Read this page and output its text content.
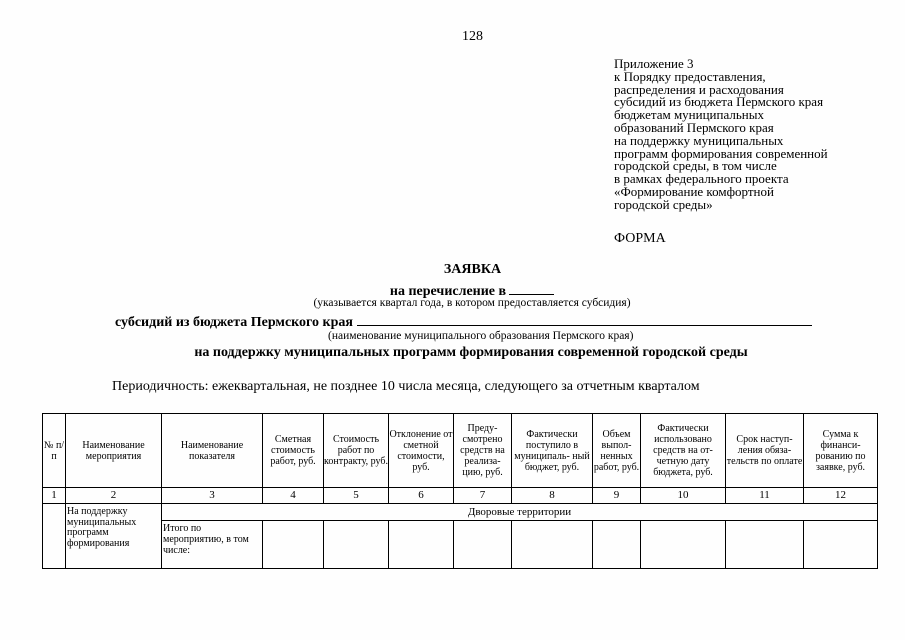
128
Приложение 3
к Порядку предоставления,
распределения и расходования
субсидий из бюджета Пермского края
бюджетам муниципальных
образований Пермского края
на поддержку муниципальных
программ формирования современной
городской среды, в том числе
в рамках федерального проекта
«Формирование комфортной
городской среды»
ФОРМА
ЗАЯВКА
на перечисление в
(указывается квартал года, в котором предоставляется субсидия)
субсидий из бюджета Пермского края
(наименование муниципального образования Пермского края)
на поддержку муниципальных программ формирования современной городской среды
Периодичность: ежеквартальная, не позднее 10 числа месяца, следующего за отчетным кварталом
№ п/п	Наименование мероприятия	Наименование показателя	Сметная стоимость работ, руб.	Стоимость работ по контракту, руб.	Отклонение от сметной стоимости, руб.	Преду- смотрено средств на реализа- цию, руб.	Фактически поступило в муниципаль- ный бюджет, руб.	Объем выпол- ненных работ, руб.	Фактически использовано средств на от- четную дату бюджета, руб.	Срок наступ- ления обяза- тельств по оплате	Сумма к финанси- рованию по заявке, руб.
1	2	3	4	5	6	7	8	9	10	11	12
	На поддержку муниципальных программ формирования	Дворовые территории									
		Итого по мероприятию, в том числе:									
